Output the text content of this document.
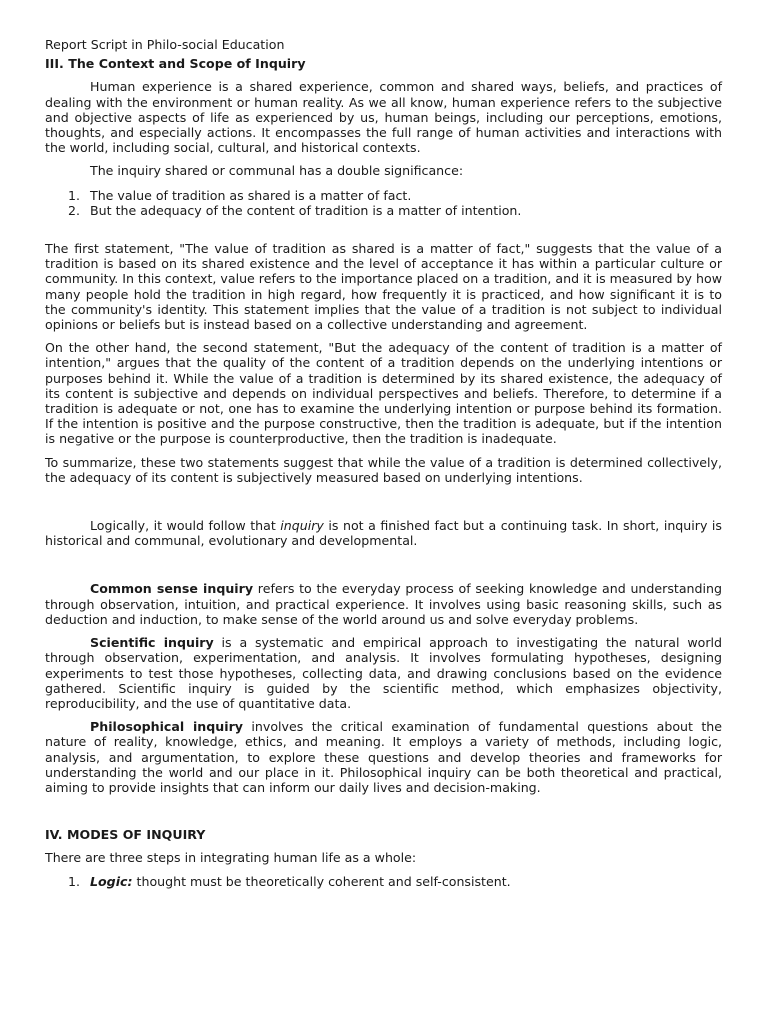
Report Script in Philo-social Education

III. The Context and Scope of Inquiry

Human experience is a shared experience, common and shared ways, beliefs, and practices of dealing with the environment or human reality. As we all know, human experience refers to the subjective and objective aspects of life as experienced by us, human beings, including our perceptions, emotions, thoughts, and especially actions. It encompasses the full range of human activities and interactions with the world, including social, cultural, and historical contexts.

The inquiry shared or communal has a double significance:

1. The value of tradition as shared is a matter of fact.
2. But the adequacy of the content of tradition is a matter of intention.

The first statement, "The value of tradition as shared is a matter of fact," suggests that the value of a tradition is based on its shared existence and the level of acceptance it has within a particular culture or community. In this context, value refers to the importance placed on a tradition, and it is measured by how many people hold the tradition in high regard, how frequently it is practiced, and how significant it is to the community's identity. This statement implies that the value of a tradition is not subject to individual opinions or beliefs but is instead based on a collective understanding and agreement.

On the other hand, the second statement, "But the adequacy of the content of tradition is a matter of intention," argues that the quality of the content of a tradition depends on the underlying intentions or purposes behind it. While the value of a tradition is determined by its shared existence, the adequacy of its content is subjective and depends on individual perspectives and beliefs. Therefore, to determine if a tradition is adequate or not, one has to examine the underlying intention or purpose behind its formation. If the intention is positive and the purpose constructive, then the tradition is adequate, but if the intention is negative or the purpose is counterproductive, then the tradition is inadequate.

To summarize, these two statements suggest that while the value of a tradition is determined collectively, the adequacy of its content is subjectively measured based on underlying intentions.

Logically, it would follow that inquiry is not a finished fact but a continuing task. In short, inquiry is historical and communal, evolutionary and developmental.

Common sense inquiry refers to the everyday process of seeking knowledge and understanding through observation, intuition, and practical experience. It involves using basic reasoning skills, such as deduction and induction, to make sense of the world around us and solve everyday problems.

Scientific inquiry is a systematic and empirical approach to investigating the natural world through observation, experimentation, and analysis. It involves formulating hypotheses, designing experiments to test those hypotheses, collecting data, and drawing conclusions based on the evidence gathered. Scientific inquiry is guided by the scientific method, which emphasizes objectivity, reproducibility, and the use of quantitative data.

Philosophical inquiry involves the critical examination of fundamental questions about the nature of reality, knowledge, ethics, and meaning. It employs a variety of methods, including logic, analysis, and argumentation, to explore these questions and develop theories and frameworks for understanding the world and our place in it. Philosophical inquiry can be both theoretical and practical, aiming to provide insights that can inform our daily lives and decision-making.

IV. MODES OF INQUIRY

There are three steps in integrating human life as a whole:

1. Logic: thought must be theoretically coherent and self-consistent.
